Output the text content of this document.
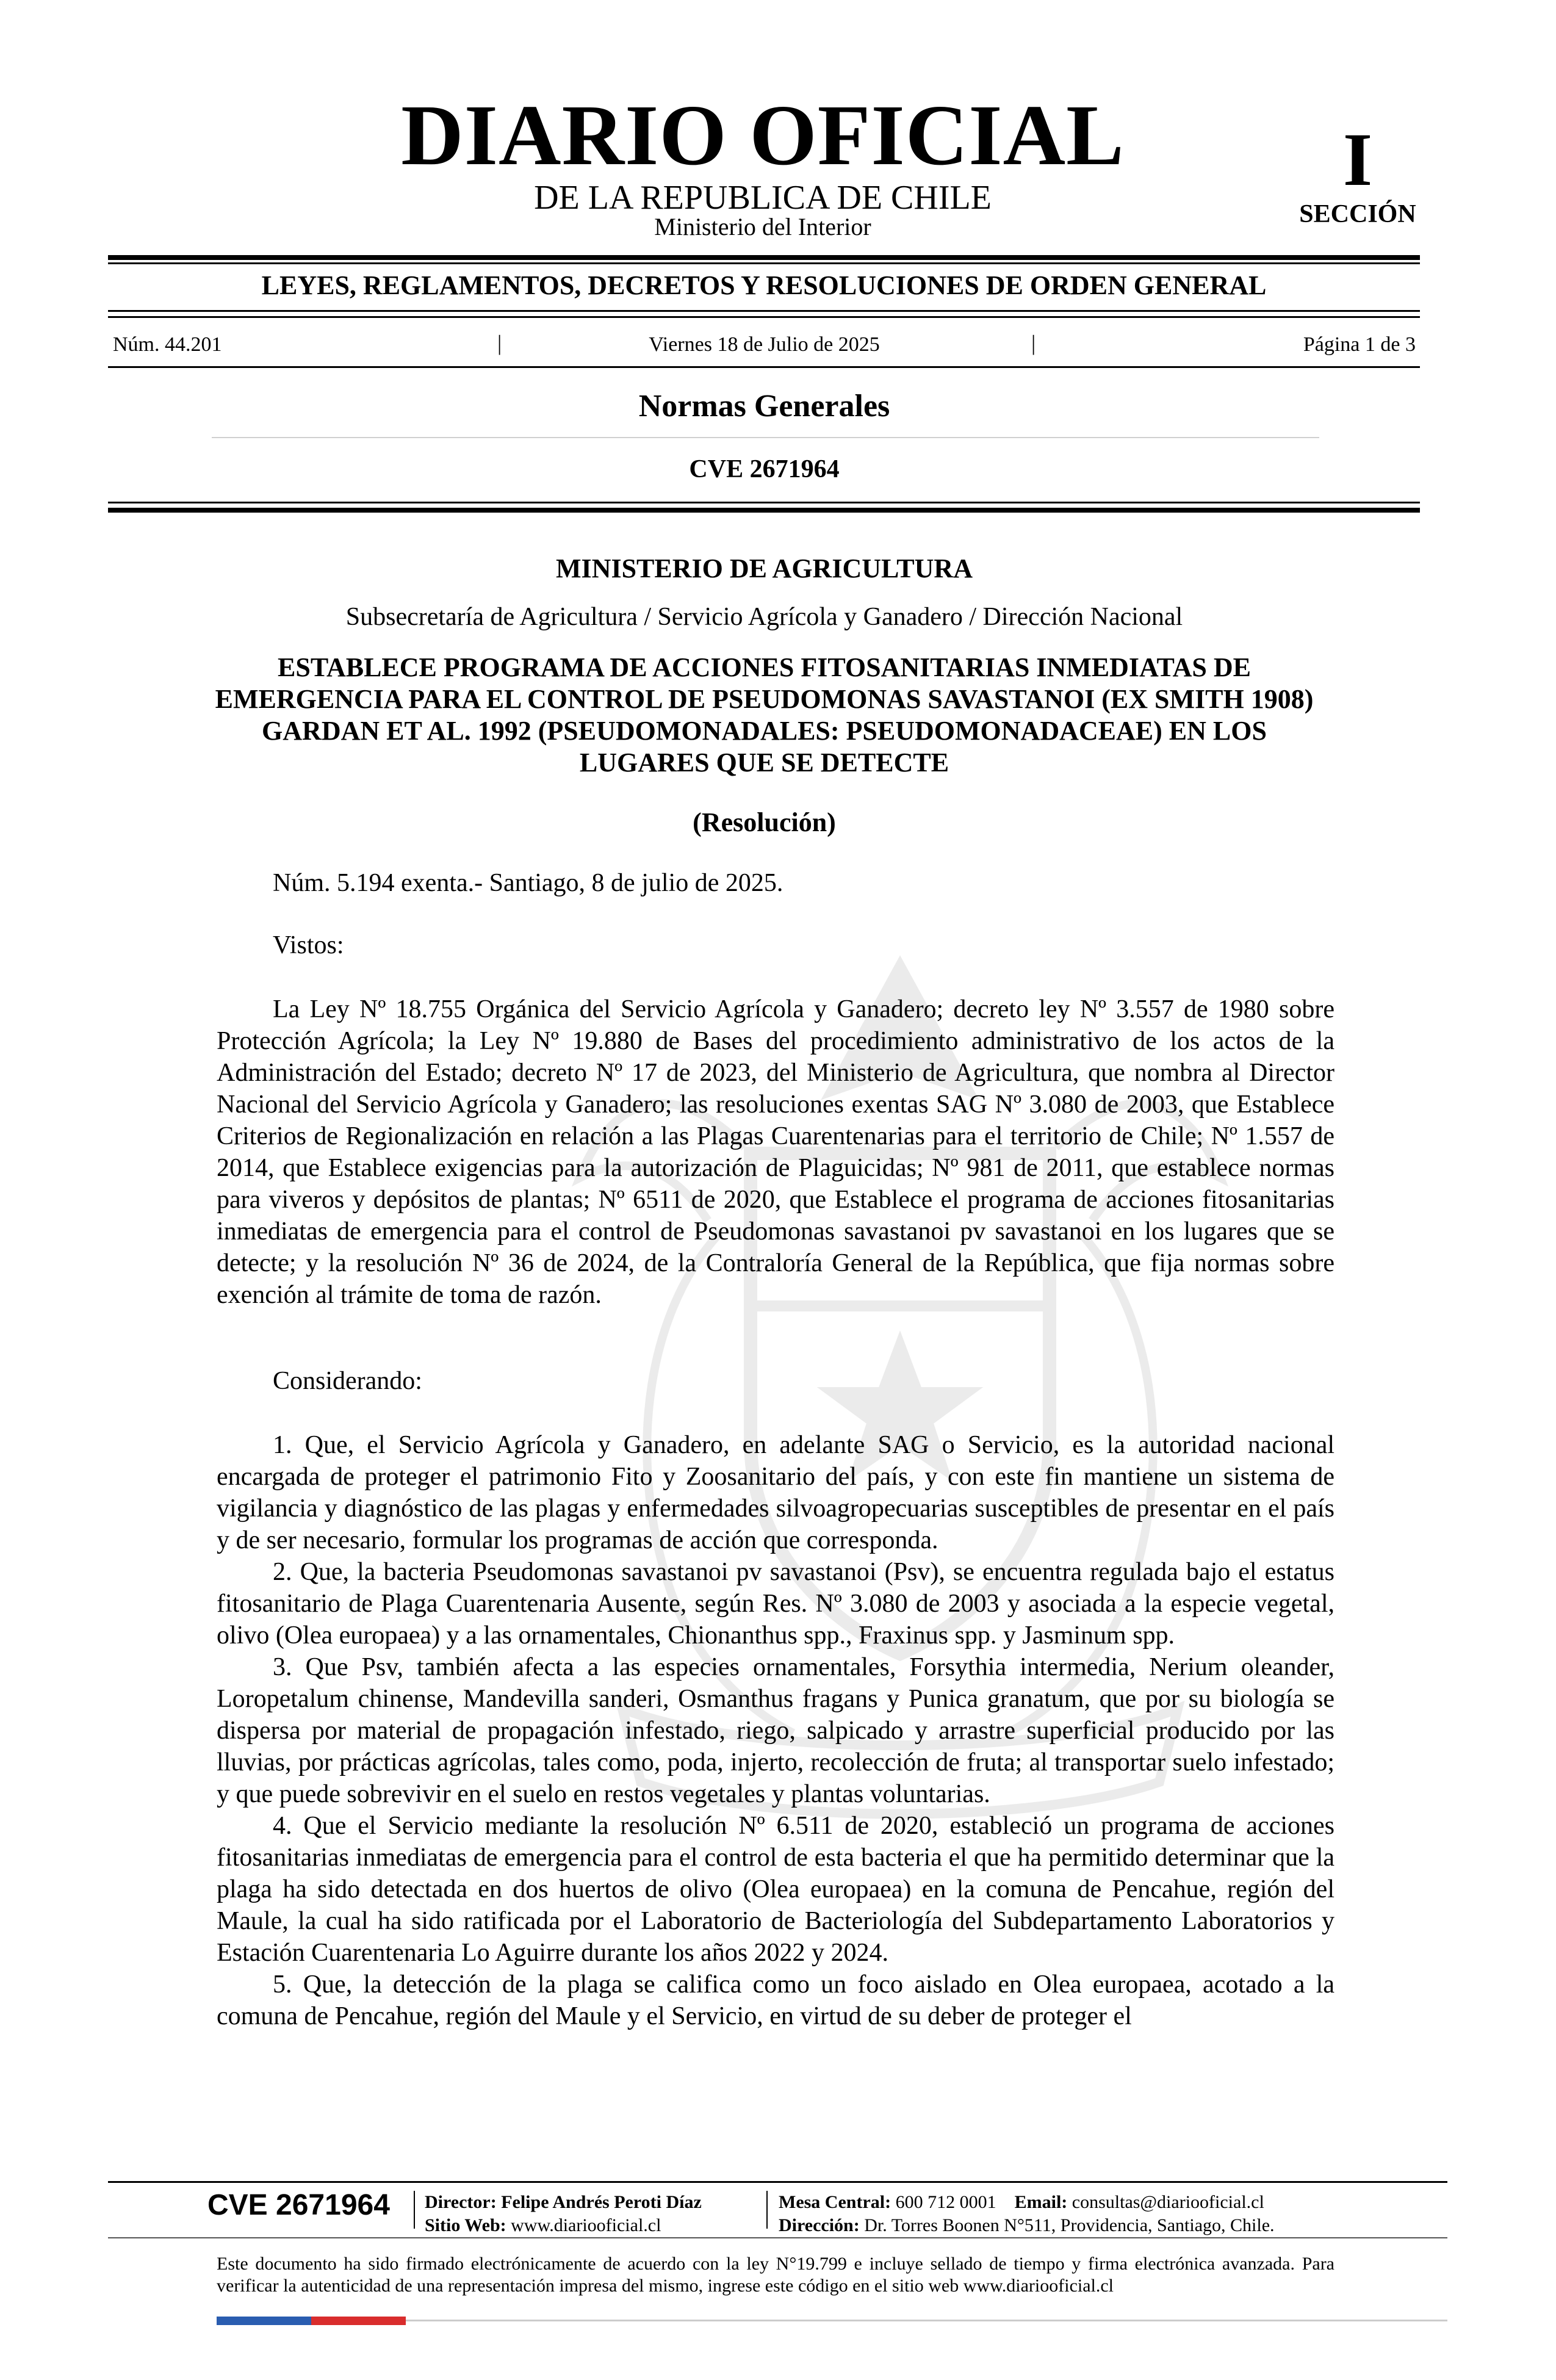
DIARIO OFICIAL
DE LA REPUBLICA DE CHILE
Ministerio del Interior
I
SECCIÓN
LEYES, REGLAMENTOS, DECRETOS Y RESOLUCIONES DE ORDEN GENERAL
Núm. 44.201	|	Viernes 18 de Julio de 2025	|	Página 1 de 3
Normas Generales
CVE 2671964
MINISTERIO DE AGRICULTURA
Subsecretaría de Agricultura / Servicio Agrícola y Ganadero / Dirección Nacional
ESTABLECE PROGRAMA DE ACCIONES FITOSANITARIAS INMEDIATAS DE EMERGENCIA PARA EL CONTROL DE PSEUDOMONAS SAVASTANOI (EX SMITH 1908) GARDAN ET AL. 1992 (PSEUDOMONADALES: PSEUDOMONADACEAE) EN LOS LUGARES QUE SE DETECTE
(Resolución)
Núm. 5.194 exenta.- Santiago, 8 de julio de 2025.
Vistos:

La Ley Nº 18.755 Orgánica del Servicio Agrícola y Ganadero; decreto ley Nº 3.557 de 1980 sobre Protección Agrícola; la Ley Nº 19.880 de Bases del procedimiento administrativo de los actos de la Administración del Estado; decreto Nº 17 de 2023, del Ministerio de Agricultura, que nombra al Director Nacional del Servicio Agrícola y Ganadero; las resoluciones exentas SAG Nº 3.080 de 2003, que Establece Criterios de Regionalización en relación a las Plagas Cuarentenarias para el territorio de Chile; Nº 1.557 de 2014, que Establece exigencias para la autorización de Plaguicidas; Nº 981 de 2011, que establece normas para viveros y depósitos de plantas; Nº 6511 de 2020, que Establece el programa de acciones fitosanitarias inmediatas de emergencia para el control de Pseudomonas savastanoi pv savastanoi en los lugares que se detecte; y la resolución Nº 36 de 2024, de la Contraloría General de la República, que fija normas sobre exención al trámite de toma de razón.

Considerando:

1. Que, el Servicio Agrícola y Ganadero, en adelante SAG o Servicio, es la autoridad nacional encargada de proteger el patrimonio Fito y Zoosanitario del país, y con este fin mantiene un sistema de vigilancia y diagnóstico de las plagas y enfermedades silvoagropecuarias susceptibles de presentar en el país y de ser necesario, formular los programas de acción que corresponda.

2. Que, la bacteria Pseudomonas savastanoi pv savastanoi (Psv), se encuentra regulada bajo el estatus fitosanitario de Plaga Cuarentenaria Ausente, según Res. Nº 3.080 de 2003 y asociada a la especie vegetal, olivo (Olea europaea) y a las ornamentales, Chionanthus spp., Fraxinus spp. y Jasminum spp.

3. Que Psv, también afecta a las especies ornamentales, Forsythia intermedia, Nerium oleander, Loropetalum chinense, Mandevilla sanderi, Osmanthus fragans y Punica granatum, que por su biología se dispersa por material de propagación infestado, riego, salpicado y arrastre superficial producido por las lluvias, por prácticas agrícolas, tales como, poda, injerto, recolección de fruta; al transportar suelo infestado; y que puede sobrevivir en el suelo en restos vegetales y plantas voluntarias.

4. Que el Servicio mediante la resolución Nº 6.511 de 2020, estableció un programa de acciones fitosanitarias inmediatas de emergencia para el control de esta bacteria el que ha permitido determinar que la plaga ha sido detectada en dos huertos de olivo (Olea europaea) en la comuna de Pencahue, región del Maule, la cual ha sido ratificada por el Laboratorio de Bacteriología del Subdepartamento Laboratorios y Estación Cuarentenaria Lo Aguirre durante los años 2022 y 2024.

5. Que, la detección de la plaga se califica como un foco aislado en Olea europaea, acotado a la comuna de Pencahue, región del Maule y el Servicio, en virtud de su deber de proteger el

CVE 2671964 Director: Felipe Andrés Peroti Díaz
Sitio Web: www.diariooficial.cl
Mesa Central: 600 712 0001 Email: consultas@diariooficial.cl
Dirección: Dr. Torres Boonen N°511, Providencia, Santiago, Chile.
Este documento ha sido firmado electrónicamente de acuerdo con la ley N°19.799 e incluye sellado de tiempo y firma electrónica avanzada. Para verificar la autenticidad de una representación impresa del mismo, ingrese este código en el sitio web www.diariooficial.cl
